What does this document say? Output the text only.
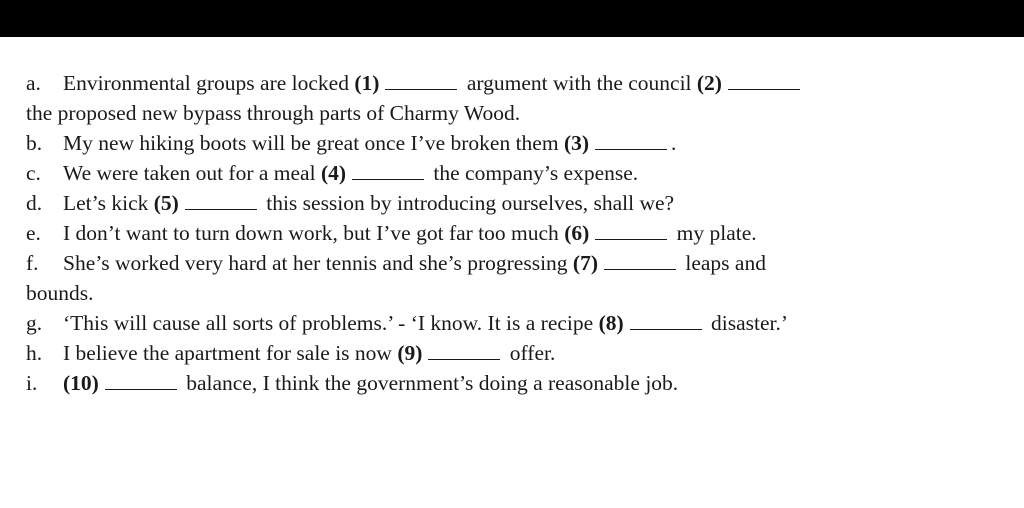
a. Environmental groups are locked (1)	argument with the council (2)
the proposed new bypass through parts of Charmy Wood.
b. My new hiking boots will be great once I’ve broken them (3)	.
c. We were taken out for a meal (4)	the company’s expense.
d. Let’s kick (5)	this session by introducing ourselves, shall we?
e. I don’t want to turn down work, but I’ve got far too much (6)	my plate.
f. She’s worked very hard at her tennis and she’s progressing (7)	leaps and
bounds.
g. ‘This will cause all sorts of problems.’ - ‘I know. It is a recipe (8)	disaster.’
h. I believe the apartment for sale is now (9)	offer.
i. (10)	balance, I think the government’s doing a reasonable job.
